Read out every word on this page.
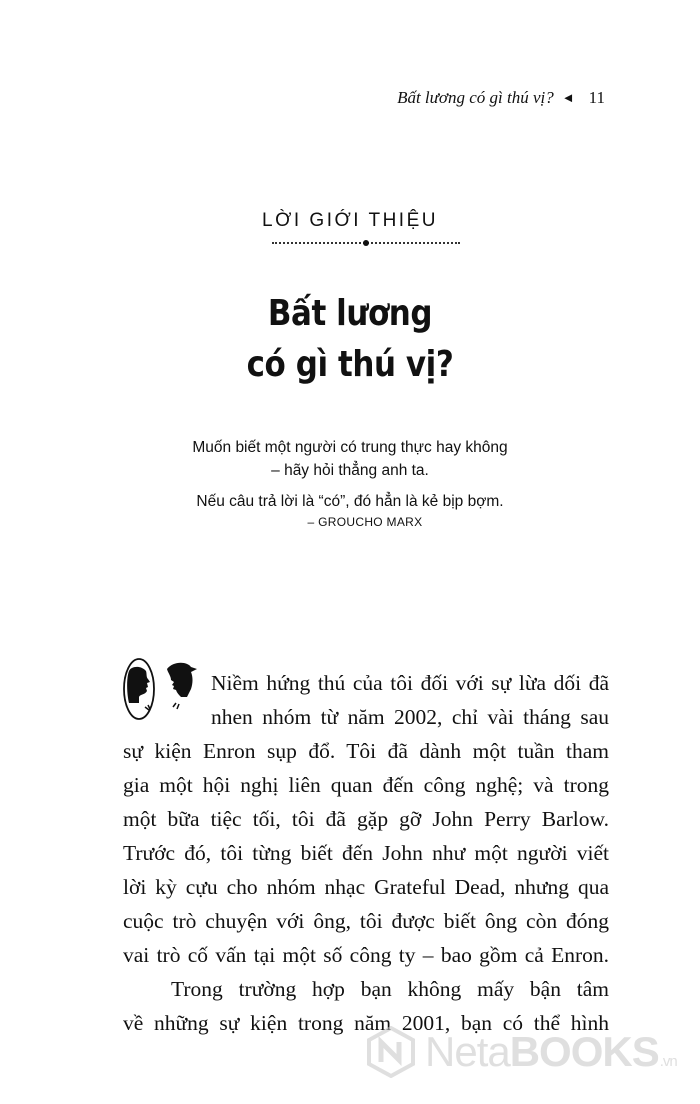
Bất lương có gì thú vị? ◄ 11
LỜI GIỚI THIỆU
Bất lương
có gì thú vị?
Muốn biết một người có trung thực hay không
– hãy hỏi thẳng anh ta.
Nếu câu trả lời là “có”, đó hẳn là kẻ bịp bợm.
– GROUCHO MARX
Niềm hứng thú của tôi đối với sự lừa dối đã
nhen nhóm từ năm 2002, chỉ vài tháng sau
sự kiện Enron sụp đổ. Tôi đã dành một tuần tham
gia một hội nghị liên quan đến công nghệ; và trong
một bữa tiệc tối, tôi đã gặp gỡ John Perry Barlow.
Trước đó, tôi từng biết đến John như một người viết
lời kỳ cựu cho nhóm nhạc Grateful Dead, nhưng qua
cuộc trò chuyện với ông, tôi được biết ông còn đóng
vai trò cố vấn tại một số công ty – bao gồm cả Enron.
Trong trường hợp bạn không mấy bận tâm
về những sự kiện trong năm 2001, bạn có thể hình
NetaBOOKS.vn
